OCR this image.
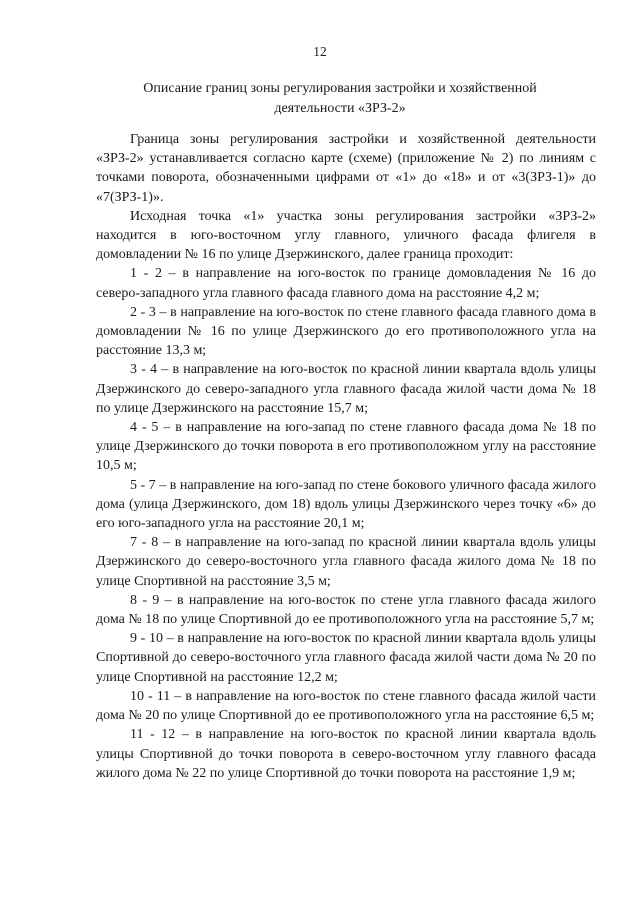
12
Описание границ зоны регулирования застройки и хозяйственной
деятельности «ЗРЗ-2»

Граница зоны регулирования застройки и хозяйственной деятельности «ЗРЗ-2» устанавливается согласно карте (схеме) (приложение № 2) по линиям с точками поворота, обозначенными цифрами от «1» до «18» и от «3(ЗРЗ-1)» до «7(ЗРЗ-1)».

Исходная точка «1» участка зоны регулирования застройки «ЗРЗ-2» находится в юго-восточном углу главного, уличного фасада флигеля в домовладении № 16 по улице Дзержинского, далее граница проходит:

1 - 2 – в направление на юго-восток по границе домовладения № 16 до северо-западного угла главного фасада главного дома на расстояние 4,2 м;

2 - 3 – в направление на юго-восток по стене главного фасада главного дома в домовладении № 16 по улице Дзержинского до его противоположного угла на расстояние 13,3 м;

3 - 4 – в направление на юго-восток по красной линии квартала вдоль улицы Дзержинского до северо-западного угла главного фасада жилой части дома № 18 по улице Дзержинского на расстояние 15,7 м;

4 - 5 – в направление на юго-запад по стене главного фасада дома № 18 по улице Дзержинского до точки поворота в его противоположном углу на расстояние 10,5 м;

5 - 7 – в направление на юго-запад по стене бокового уличного фасада жилого дома (улица Дзержинского, дом 18) вдоль улицы Дзержинского через точку «6» до его юго-западного угла на расстояние 20,1 м;

7 - 8 – в направление на юго-запад по красной линии квартала вдоль улицы Дзержинского до северо-восточного угла главного фасада жилого дома № 18 по улице Спортивной на расстояние 3,5 м;

8 - 9 – в направление на юго-восток по стене угла главного фасада жилого дома № 18 по улице Спортивной до ее противоположного угла на расстояние 5,7 м;

9 - 10 – в направление на юго-восток по красной линии квартала вдоль улицы Спортивной до северо-восточного угла главного фасада жилой части дома № 20 по улице Спортивной на расстояние 12,2 м;

10 - 11 – в направление на юго-восток по стене главного фасада жилой части дома № 20 по улице Спортивной до ее противоположного угла на расстояние 6,5 м;

11 - 12 – в направление на юго-восток по красной линии квартала вдоль улицы Спортивной до точки поворота в северо-восточном углу главного фасада жилого дома № 22 по улице Спортивной до точки поворота на расстояние 1,9 м;
